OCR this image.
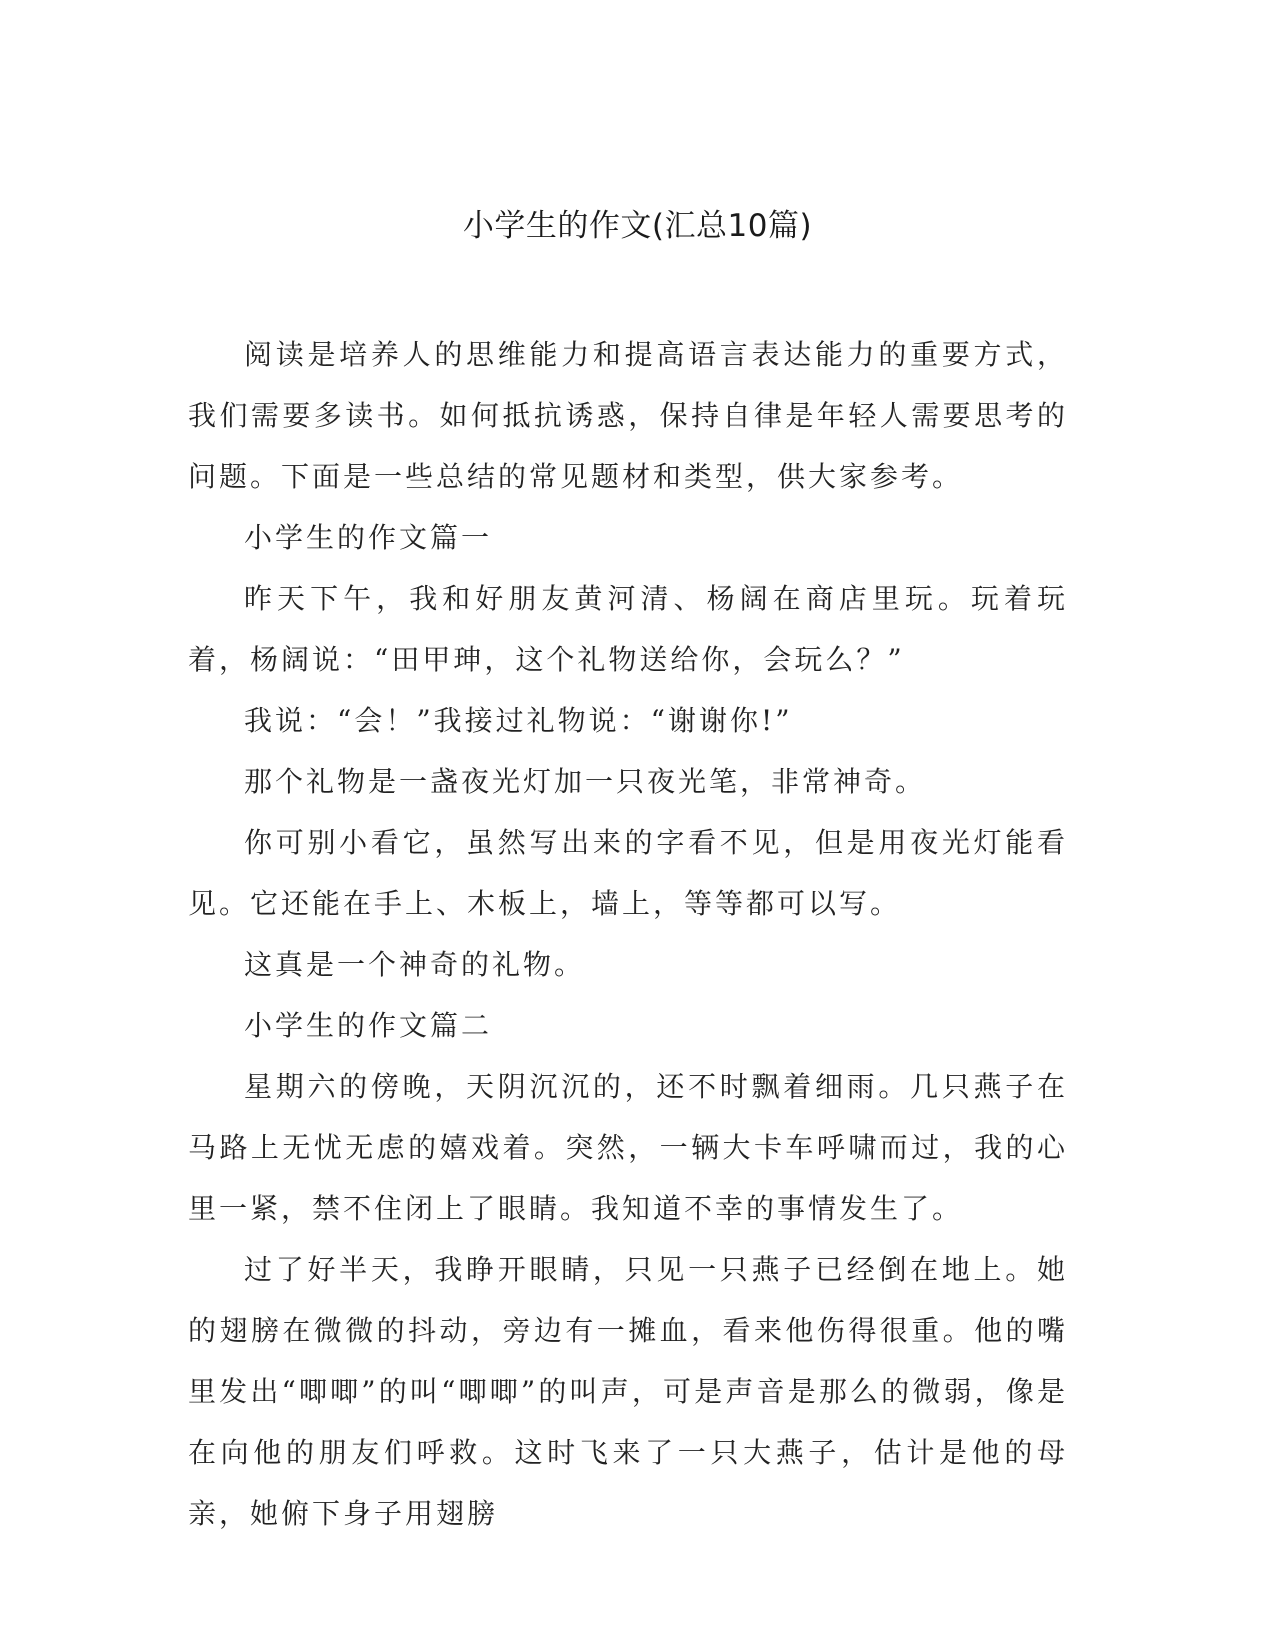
小学生的作文(汇总10篇)

阅读是培养人的思维能力和提高语言表达能力的重要方式，我们需要多读书。如何抵抗诱惑，保持自律是年轻人需要思考的问题。下面是一些总结的常见题材和类型，供大家参考。

小学生的作文篇一

昨天下午，我和好朋友黄河清、杨阔在商店里玩。玩着玩着，杨阔说：“田甲珅，这个礼物送给你，会玩么？”

我说：“会！”我接过礼物说：“谢谢你!”

那个礼物是一盏夜光灯加一只夜光笔，非常神奇。

你可别小看它，虽然写出来的字看不见，但是用夜光灯能看见。它还能在手上、木板上，墙上，等等都可以写。

这真是一个神奇的礼物。

小学生的作文篇二

星期六的傍晚，天阴沉沉的，还不时飘着细雨。几只燕子在马路上无忧无虑的嬉戏着。突然，一辆大卡车呼啸而过，我的心里一紧，禁不住闭上了眼睛。我知道不幸的事情发生了。

过了好半天，我睁开眼睛，只见一只燕子已经倒在地上。她的翅膀在微微的抖动，旁边有一摊血，看来他伤得很重。他的嘴里发出“唧唧”的叫“唧唧”的叫声，可是声音是那么的微弱，像是在向他的朋友们呼救。这时飞来了一只大燕子，估计是他的母亲，她俯下身子用翅膀
